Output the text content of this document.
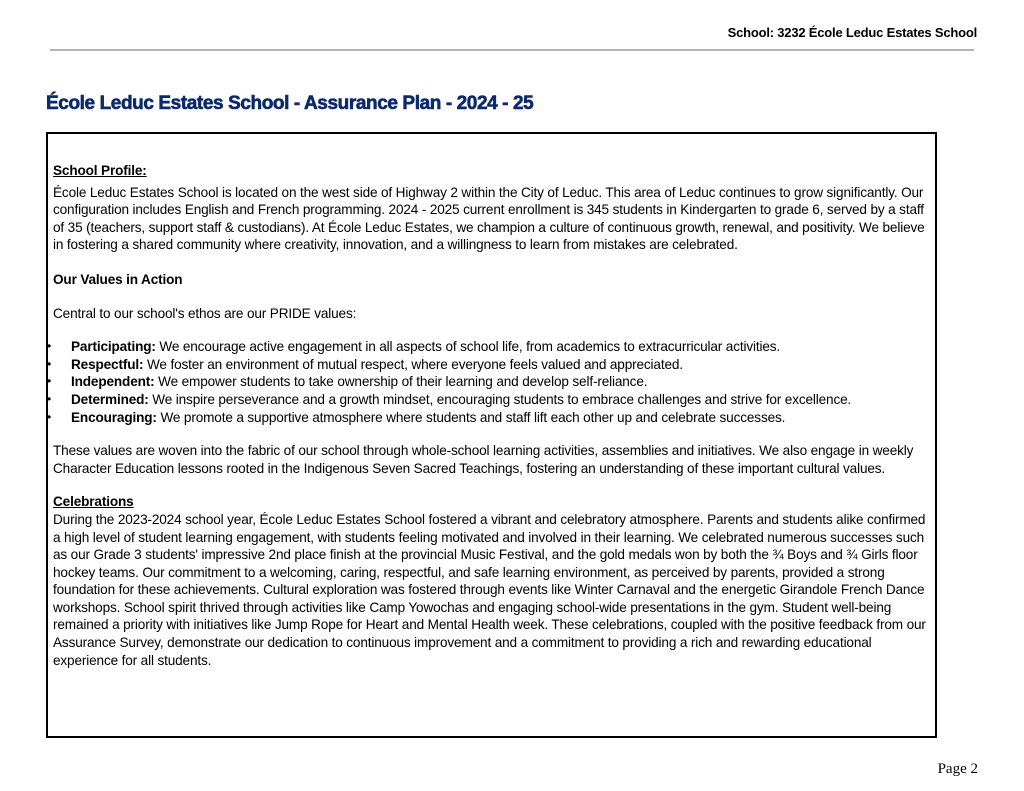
School: 3232 École Leduc Estates School
École Leduc Estates School - Assurance Plan - 2024 - 25

School Profile:

École Leduc Estates School is located on the west side of Highway 2 within the City of Leduc. This area of Leduc continues to grow significantly. Our configuration includes English and French programming. 2024 - 2025 current enrollment is 345 students in Kindergarten to grade 6, served by a staff of 35 (teachers, support staff & custodians). At École Leduc Estates, we champion a culture of continuous growth, renewal, and positivity. We believe in fostering a shared community where creativity, innovation, and a willingness to learn from mistakes are celebrated.

Our Values in Action

Central to our school's ethos are our PRIDE values:

• Participating: We encourage active engagement in all aspects of school life, from academics to extracurricular activities.
• Respectful: We foster an environment of mutual respect, where everyone feels valued and appreciated.
• Independent: We empower students to take ownership of their learning and develop self-reliance.
• Determined: We inspire perseverance and a growth mindset, encouraging students to embrace challenges and strive for excellence.
• Encouraging: We promote a supportive atmosphere where students and staff lift each other up and celebrate successes.

These values are woven into the fabric of our school through whole-school learning activities, assemblies and initiatives. We also engage in weekly Character Education lessons rooted in the Indigenous Seven Sacred Teachings, fostering an understanding of these important cultural values.

Celebrations

During the 2023-2024 school year, École Leduc Estates School fostered a vibrant and celebratory atmosphere. Parents and students alike confirmed a high level of student learning engagement, with students feeling motivated and involved in their learning. We celebrated numerous successes such as our Grade 3 students' impressive 2nd place finish at the provincial Music Festival, and the gold medals won by both the ¾ Boys and ¾ Girls floor hockey teams. Our commitment to a welcoming, caring, respectful, and safe learning environment, as perceived by parents, provided a strong foundation for these achievements. Cultural exploration was fostered through events like Winter Carnaval and the energetic Girandole French Dance workshops. School spirit thrived through activities like Camp Yowochas and engaging school-wide presentations in the gym. Student well-being remained a priority with initiatives like Jump Rope for Heart and Mental Health week. These celebrations, coupled with the positive feedback from our Assurance Survey, demonstrate our dedication to continuous improvement and a commitment to providing a rich and rewarding educational experience for all students.

Page 2
